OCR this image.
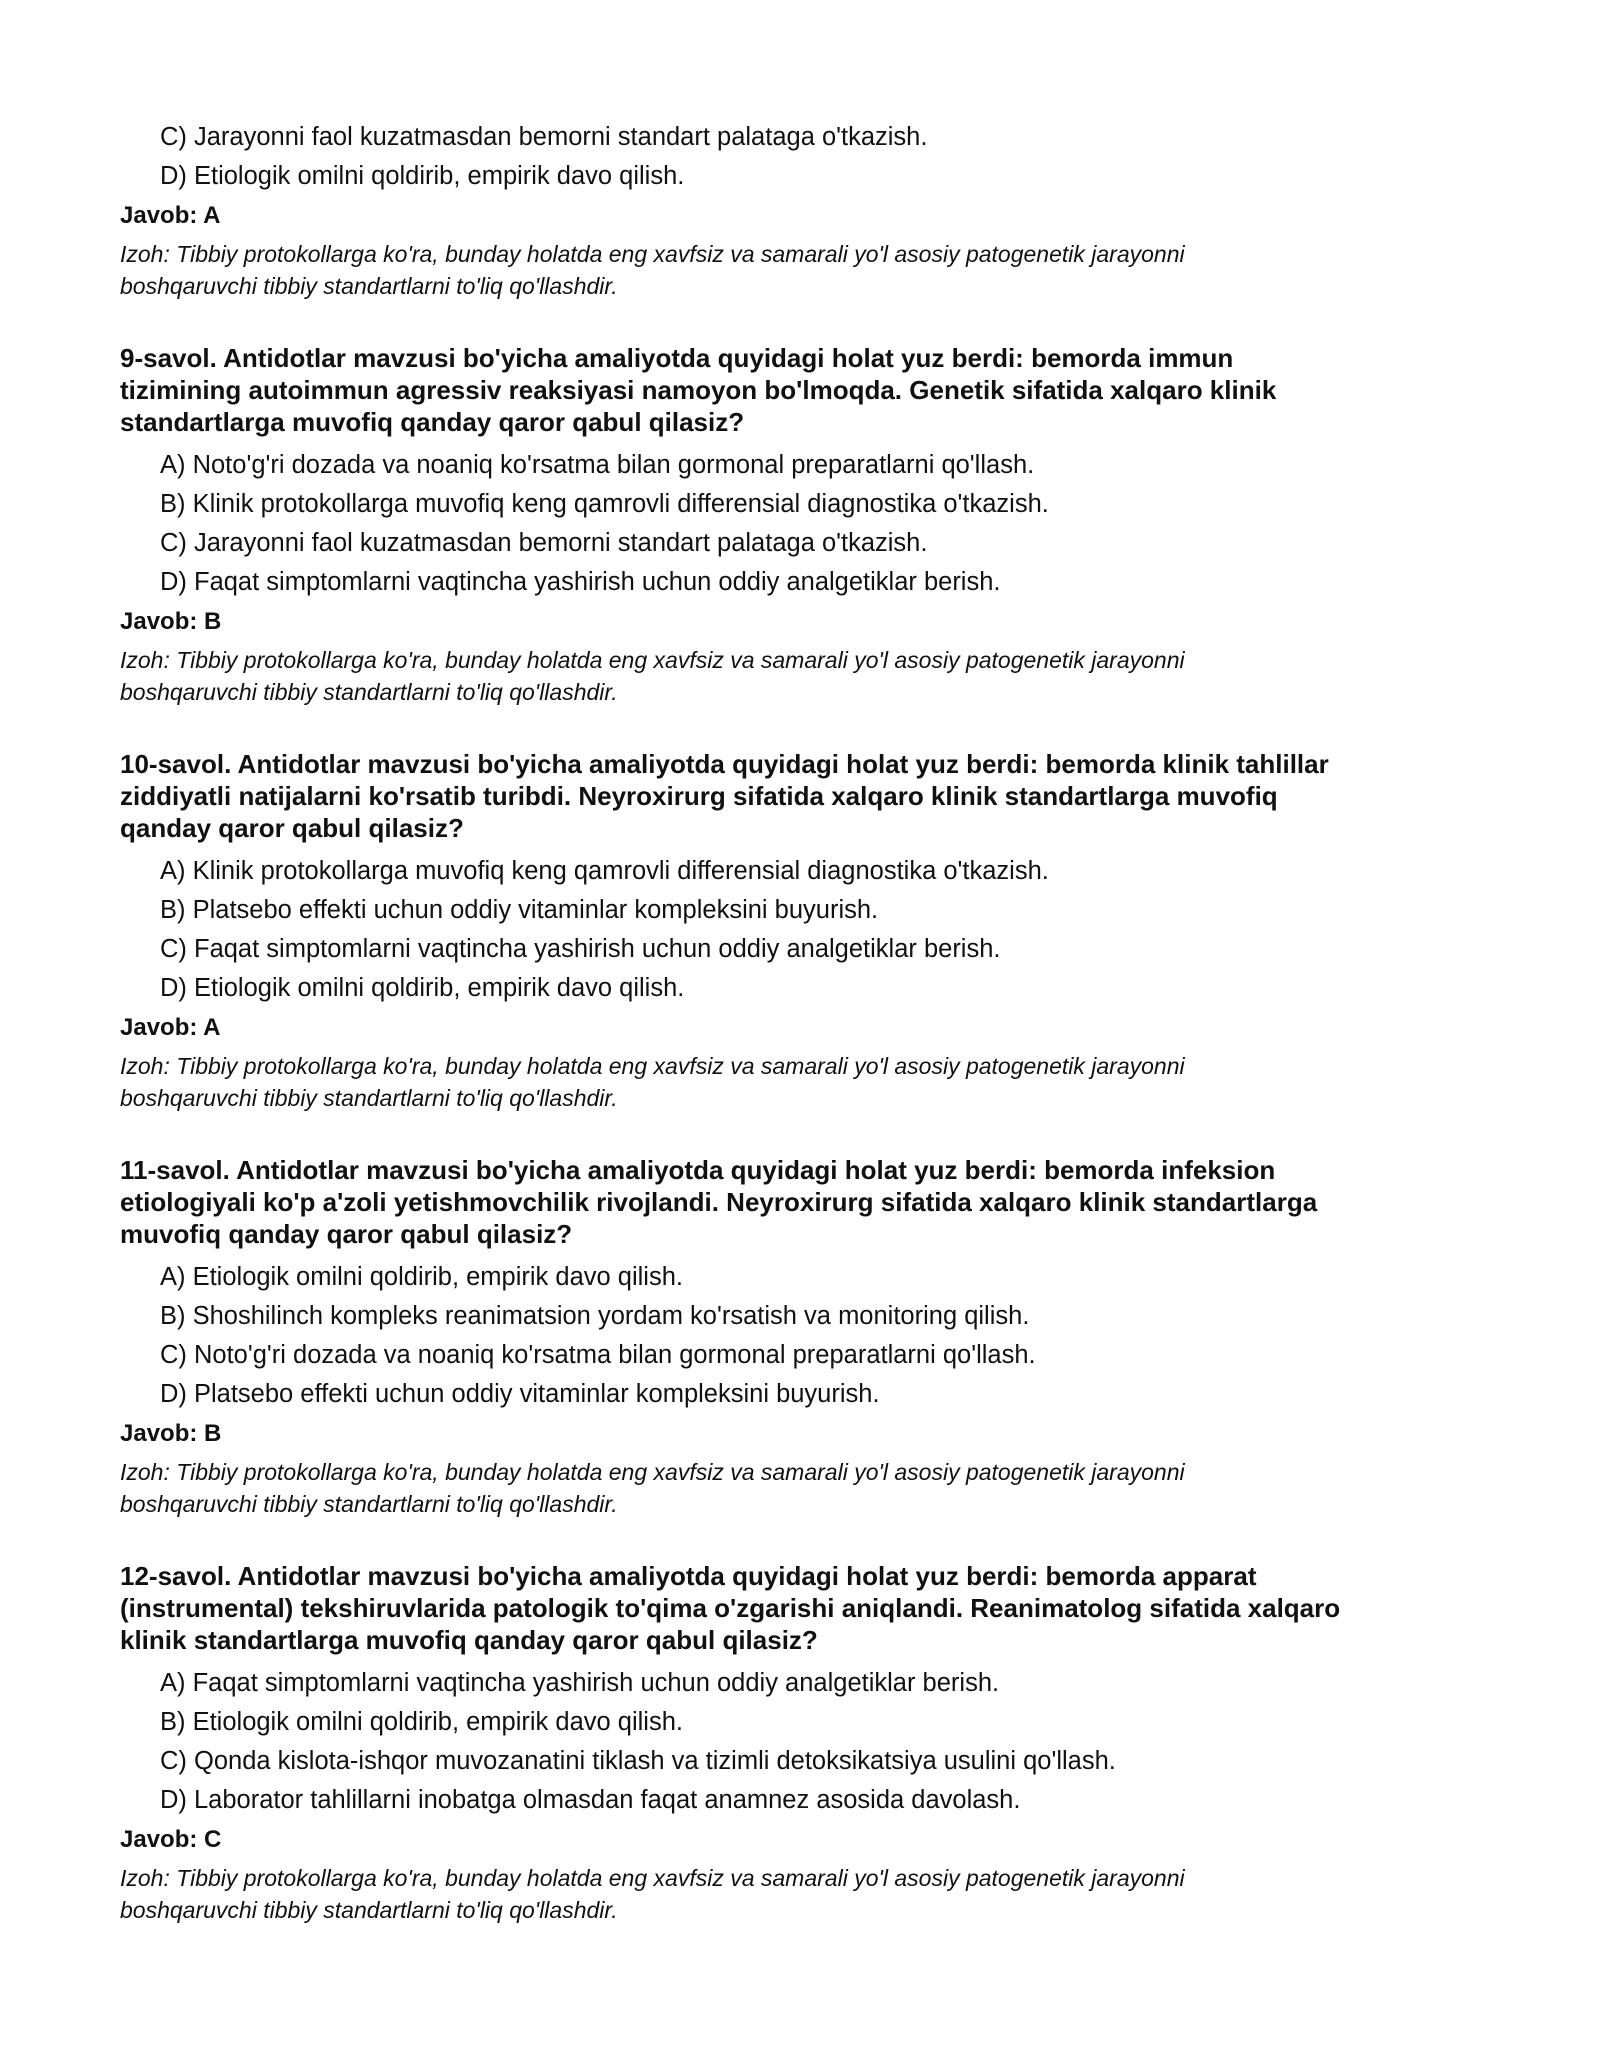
C) Jarayonni faol kuzatmasdan bemorni standart palataga o'tkazish.
D) Etiologik omilni qoldirib, empirik davo qilish.
Javob: A
Izoh: Tibbiy protokollarga ko'ra, bunday holatda eng xavfsiz va samarali yo'l asosiy patogenetik jarayonni
boshqaruvchi tibbiy standartlarni to'liq qo'llashdir.
9-savol. Antidotlar mavzusi bo'yicha amaliyotda quyidagi holat yuz berdi: bemorda immun
tizimining autoimmun agressiv reaksiyasi namoyon bo'lmoqda. Genetik sifatida xalqaro klinik
standartlarga muvofiq qanday qaror qabul qilasiz?
A) Noto'g'ri dozada va noaniq ko'rsatma bilan gormonal preparatlarni qo'llash.
B) Klinik protokollarga muvofiq keng qamrovli differensial diagnostika o'tkazish.
C) Jarayonni faol kuzatmasdan bemorni standart palataga o'tkazish.
D) Faqat simptomlarni vaqtincha yashirish uchun oddiy analgetiklar berish.
Javob: B
Izoh: Tibbiy protokollarga ko'ra, bunday holatda eng xavfsiz va samarali yo'l asosiy patogenetik jarayonni
boshqaruvchi tibbiy standartlarni to'liq qo'llashdir.
10-savol. Antidotlar mavzusi bo'yicha amaliyotda quyidagi holat yuz berdi: bemorda klinik tahlillar
ziddiyatli natijalarni ko'rsatib turibdi. Neyroxirurg sifatida xalqaro klinik standartlarga muvofiq
qanday qaror qabul qilasiz?
A) Klinik protokollarga muvofiq keng qamrovli differensial diagnostika o'tkazish.
B) Platsebo effekti uchun oddiy vitaminlar kompleksini buyurish.
C) Faqat simptomlarni vaqtincha yashirish uchun oddiy analgetiklar berish.
D) Etiologik omilni qoldirib, empirik davo qilish.
Javob: A
Izoh: Tibbiy protokollarga ko'ra, bunday holatda eng xavfsiz va samarali yo'l asosiy patogenetik jarayonni
boshqaruvchi tibbiy standartlarni to'liq qo'llashdir.
11-savol. Antidotlar mavzusi bo'yicha amaliyotda quyidagi holat yuz berdi: bemorda infeksion
etiologiyali ko'p a'zoli yetishmovchilik rivojlandi. Neyroxirurg sifatida xalqaro klinik standartlarga
muvofiq qanday qaror qabul qilasiz?
A) Etiologik omilni qoldirib, empirik davo qilish.
B) Shoshilinch kompleks reanimatsion yordam ko'rsatish va monitoring qilish.
C) Noto'g'ri dozada va noaniq ko'rsatma bilan gormonal preparatlarni qo'llash.
D) Platsebo effekti uchun oddiy vitaminlar kompleksini buyurish.
Javob: B
Izoh: Tibbiy protokollarga ko'ra, bunday holatda eng xavfsiz va samarali yo'l asosiy patogenetik jarayonni
boshqaruvchi tibbiy standartlarni to'liq qo'llashdir.
12-savol. Antidotlar mavzusi bo'yicha amaliyotda quyidagi holat yuz berdi: bemorda apparat
(instrumental) tekshiruvlarida patologik to'qima o'zgarishi aniqlandi. Reanimatolog sifatida xalqaro
klinik standartlarga muvofiq qanday qaror qabul qilasiz?
A) Faqat simptomlarni vaqtincha yashirish uchun oddiy analgetiklar berish.
B) Etiologik omilni qoldirib, empirik davo qilish.
C) Qonda kislota-ishqor muvozanatini tiklash va tizimli detoksikatsiya usulini qo'llash.
D) Laborator tahlillarni inobatga olmasdan faqat anamnez asosida davolash.
Javob: C
Izoh: Tibbiy protokollarga ko'ra, bunday holatda eng xavfsiz va samarali yo'l asosiy patogenetik jarayonni
boshqaruvchi tibbiy standartlarni to'liq qo'llashdir.
